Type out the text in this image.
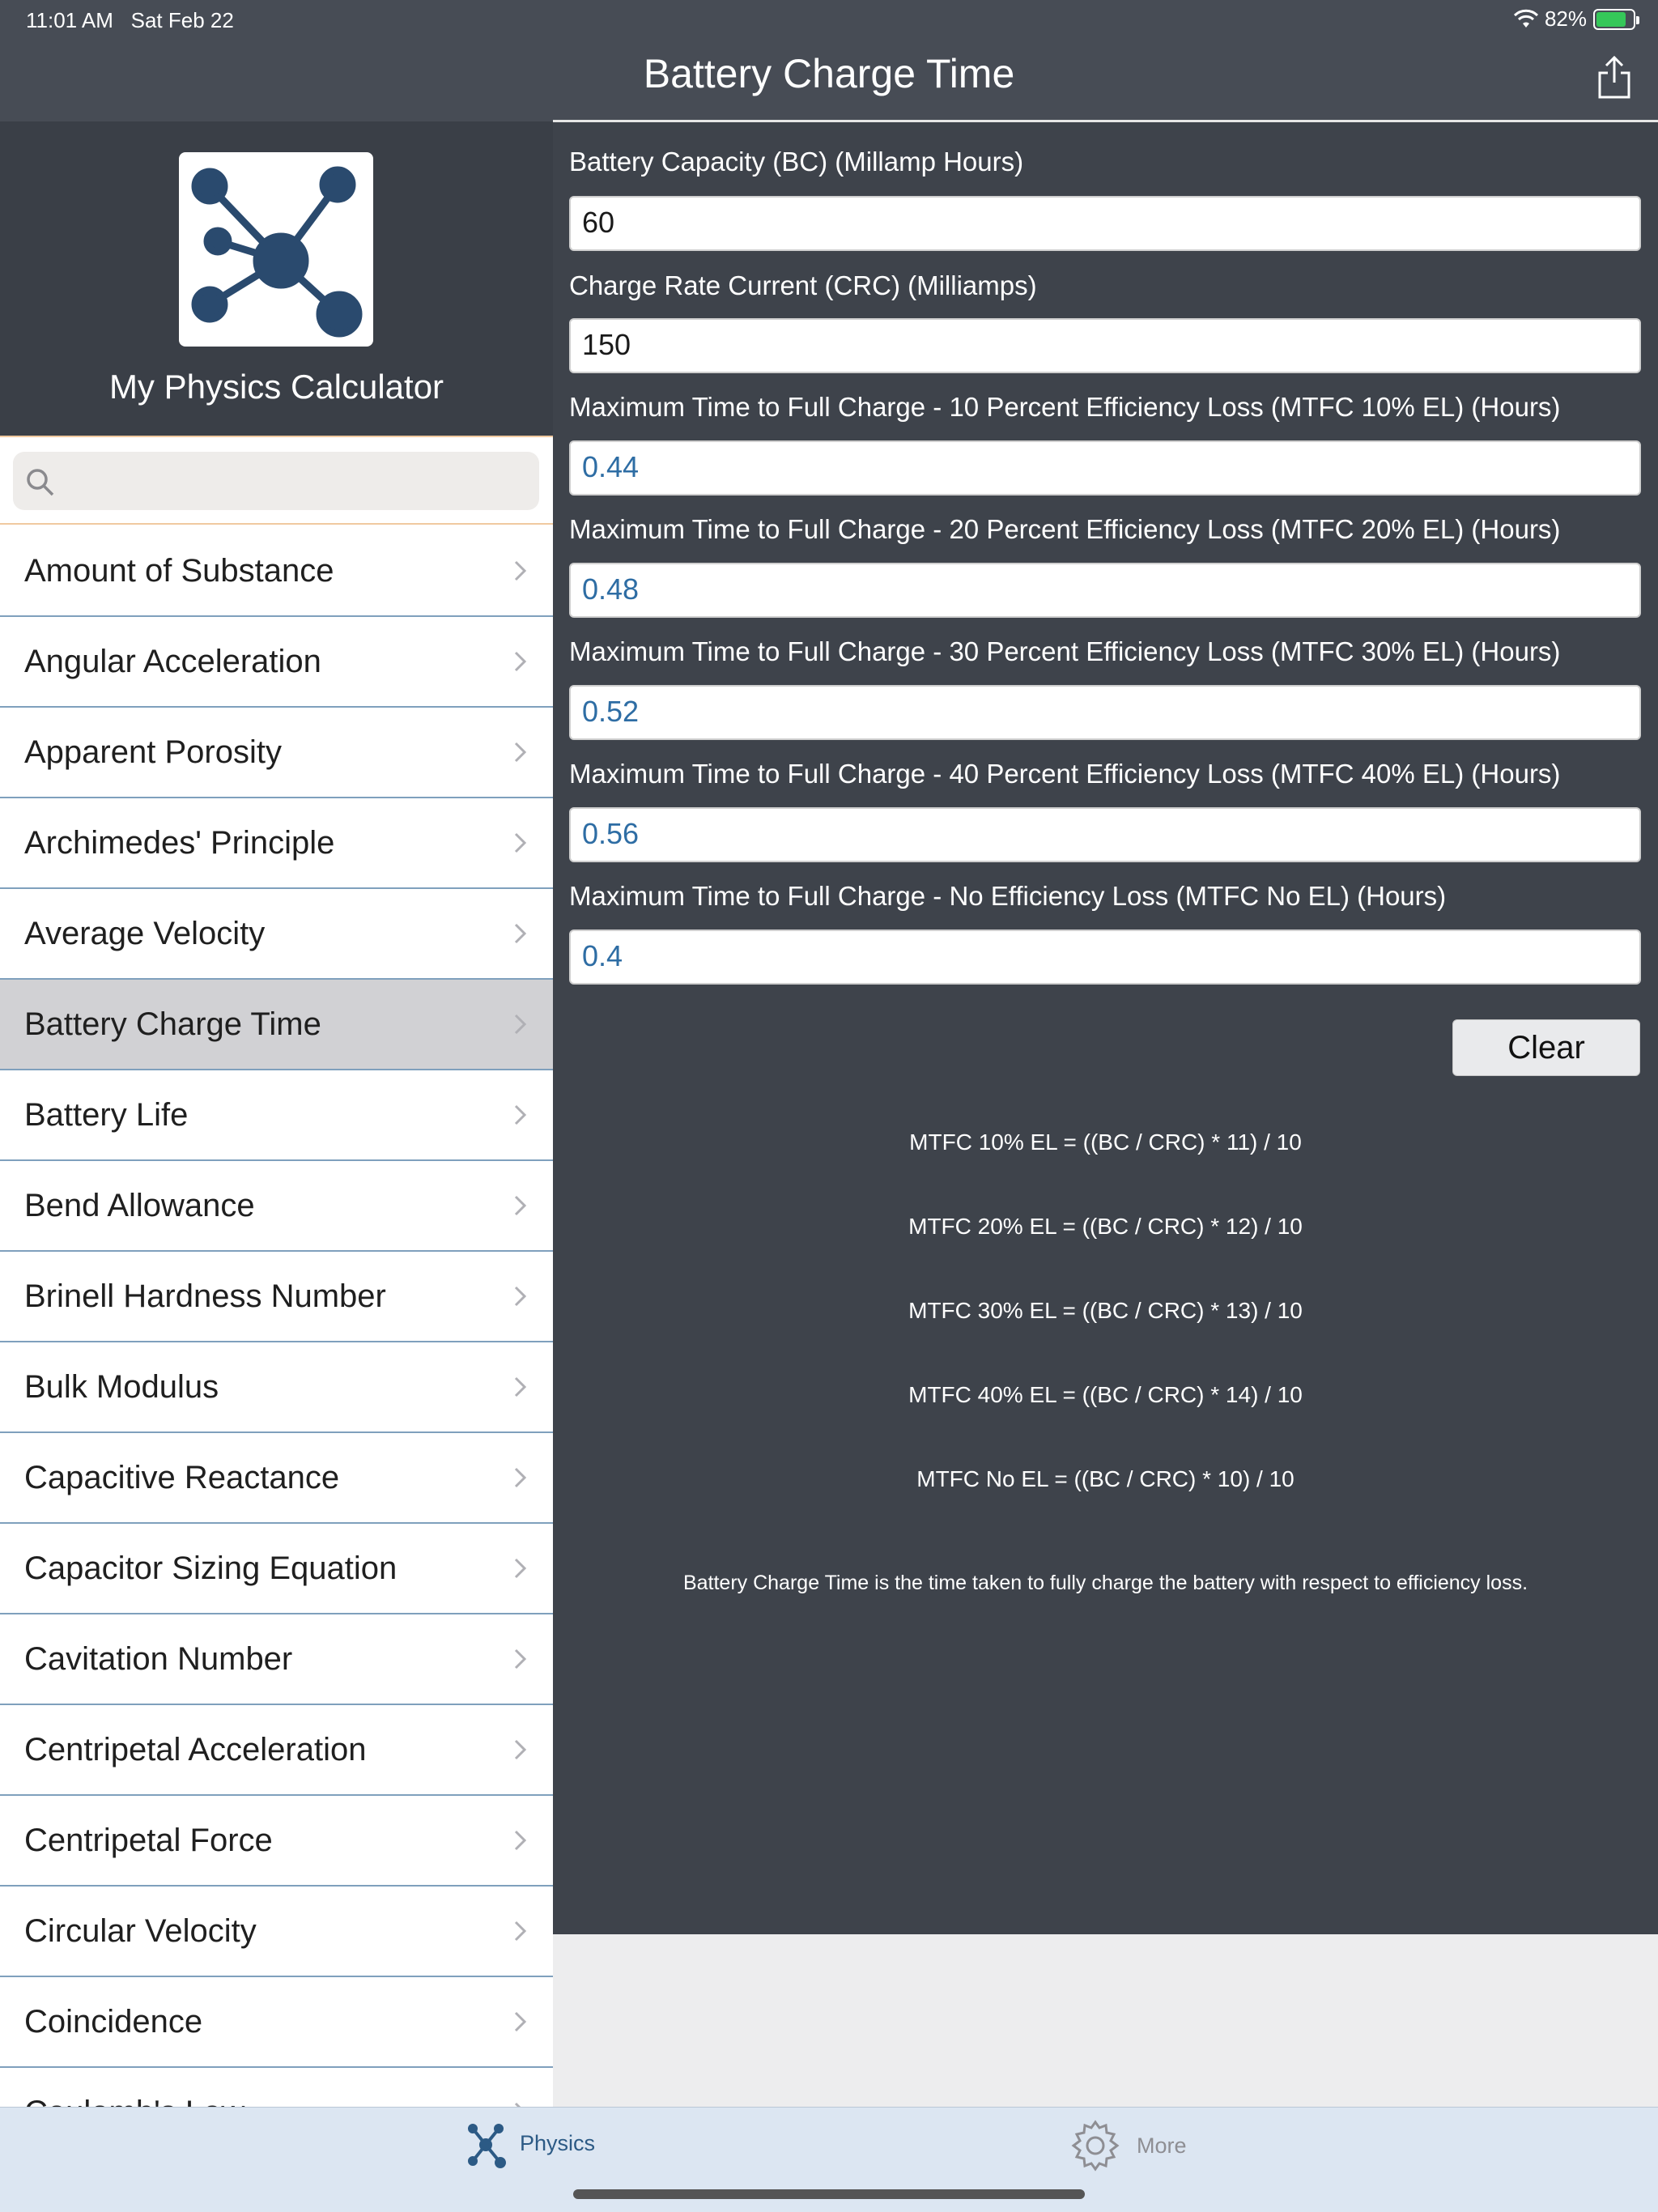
11:01 AM Sat Feb 22	82%
Battery Charge Time
My Physics Calculator
Amount of Substance
Angular Acceleration
Apparent Porosity
Archimedes' Principle
Average Velocity
Battery Charge Time
Battery Life
Bend Allowance
Brinell Hardness Number
Bulk Modulus
Capacitive Reactance
Capacitor Sizing Equation
Cavitation Number
Centripetal Acceleration
Centripetal Force
Circular Velocity
Coincidence
Battery Capacity (BC) (Millamp Hours)
60
Charge Rate Current (CRC) (Milliamps)
150
Maximum Time to Full Charge - 10 Percent Efficiency Loss (MTFC 10% EL) (Hours)
0.44
Maximum Time to Full Charge - 20 Percent Efficiency Loss (MTFC 20% EL) (Hours)
0.48
Maximum Time to Full Charge - 30 Percent Efficiency Loss (MTFC 30% EL) (Hours)
0.52
Maximum Time to Full Charge - 40 Percent Efficiency Loss (MTFC 40% EL) (Hours)
0.56
Maximum Time to Full Charge - No Efficiency Loss (MTFC No EL) (Hours)
0.4
Clear
MTFC 10% EL = ((BC / CRC) * 11) / 10
MTFC 20% EL = ((BC / CRC) * 12) / 10
MTFC 30% EL = ((BC / CRC) * 13) / 10
MTFC 40% EL = ((BC / CRC) * 14) / 10
MTFC No EL = ((BC / CRC) * 10) / 10
Battery Charge Time is the time taken to fully charge the battery with respect to efficiency loss.
Physics	More
